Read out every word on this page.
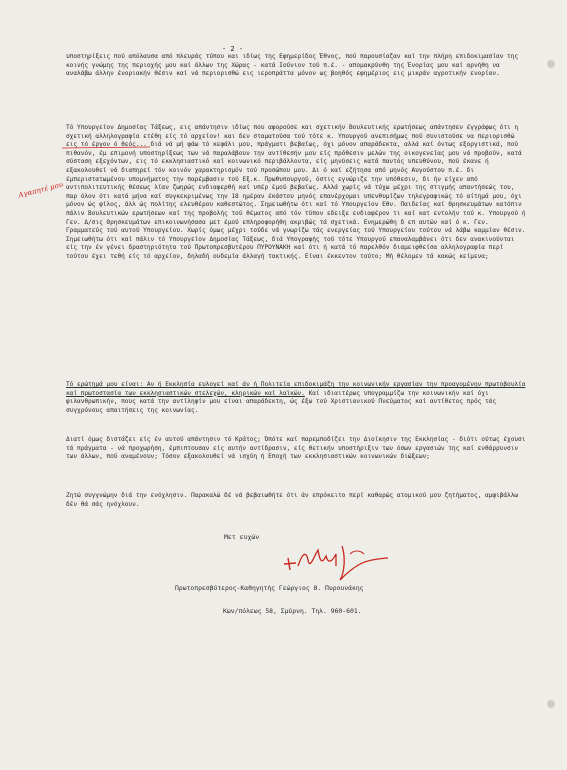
- 2 -
υποστηρίξεις πού απόλαυσα από πλευράς τύπου και ιδίως της Εφημερίδος Έθνος, πού παρουσίαζαν καί την πλήρη επιδοκιμασίαν της κοινής γνώμης της περιοχής μου καί άλλων της Χώρας - κατά Ιούνιον τού π.έ. - απομακρύνθη της Ένορίας μου καί αρνήθη να αναλάβω άλλην ένοριακήν θέσιν καί νά περιορισθώ εις ιεροπράττα μόνον ως βοηθός εφημέριος εις μικράν αγροτικήν ενορίαν.
Τό Υπουργείον Δημοσίας Τάξεως, εις απάντησιν ιδίως που αφορούσε και σχετικήν Βουλευτικής ερωτήσεως απάντησεν έγγράφως ότι η σχετική αλληλογραφία ετέθη είς τό αρχείον! και δεν σταματούσα τού τότε κ. Υπουργού ανεπισήμως πού συνιστούσε να περιορισθώ εις τό έργον ό θεός... διά νά μή φάω τό κεφάλι μου, πράγματι βεβαίως, όχι μόνον απαράδεκτα, αλλά καί όντως εξοργιστικά, πού πιθανόν, έμ επιμονή υποστηρίξεως των νά παραλάβουν την αντίθεσήν μου είς πρόθεσιν μελών της οικογενείας μου νά προβούν, κατά σύσταση εξεχόντων, εις τό εκκλησιαστικό καί κοινωνικό περιβάλλοντα, είς μηνύσεις κατά παντός υπευθύνου, πού έκανε ή εξακολουθεί νά διαπηρεί τόν κοινόν χαρακτηρισμόν τού προσώπου μου. Δι ό καί εζήτησα από μηνός Αυγούστου π.έ. δι έμπεριστατωμένου υπομνήματος την παρέμβασιν τού Εξ.κ. Πρωθυπουργού, όστις εγνώριζε την υπόθεσιν, δι ήν είχεν από αντιπολιτευτικής θέσεως λίαν ζωηρώς ενδιαφερθή καί υπέρ έμού βεβαίως. Αλλά χωρίς νά τύχω μέχρι της στιγμής απαντήσεώς του, παρ όλον ότι κατά μήνα καί συγκεκριμένως την 18 ημέραν έκάστου μηνός επανέρχομαι υπενθυμίζων τηλεγραφικώς τό αίτημά μου, όχι μόνον ώς φίλος, άλλ ώς πολίτης ελευθέρου καθεστώτος. Σημειωθήτω ότι καί τό Υπουργείον Εθν. Παιδείας καί Θρησκευμάτων κατόπιν πάλιν Βουλευτικών ερωτήσεων καί της προβολής τού θέματος από τόν τύπον εδειξε ενδιαφέρον τι καί κατ εντολήν τού κ. Υπουργού ή Γεν. Δ/σις Θρησκευμάτων επικοινωνήσασα μετ έμού επληροφορήθη ακριβώς τά σχετικά. Ενημερώθη δ επ αυτών καί ό κ. Γεν. Γραμματεύς τού αυτού Υπουργείου. Χωρίς όμως μέχρι τούδε νά γνωρίζω τάς ενεργείας τού Υπουργείου τούτου νά λάβω καμμίαν θέσιν.
Σημειωθήτω ότι καί πάλιν τό Υπουργείον Δημοσίας Τάξεως, διά Υπογραφής τού τότε Υπουργού επαναλαμβάνει ότι δεν ανακινούνται είς την έν γένει δραστηριότητα τού Πρωτοπρεσβυτέρου ΠΥΡΟΥΝΑΚΗ καί ότι ή κατά τό παρελθόν διαμειφθείσα αλληλογραφία περί τούτου έχει τεθή είς τό αρχείον, δηλαδή ουδεμία άλλαγή τακτικής. Είναι έκκεντον τούτο; Μή θέλομεν τά κακώς κείμενα;
Τό ερώτημά μου είναι: Αν ή Εκκλησία ευλογεί καί άν ή Πολιτεία επιδοκιμάζη την κοινωνικήν εργασίαν την προαγομένην πρωτοβουλία καί πρωτοστασία των εκκλησιαστικών στελεχών, κληρικών καί λαϊκών. Καί ιδιαιτέρως υπογραμμίζω την κοινωνικήν καί όχι φιλανθρωπικήν, πους κατά την αντίληψίν μου είναι απαράδεκτη, ώς έξω τού Χριστιανικού Πνεύματος καί αντίθετος πρός τάς συγχρόνους απαιτήσεις της κοινωνίας.
Διατί όμως διστάζει είς έν αυτού απάντησιν τό Κράτος; Όπότε καί παρεμποδίζει την Διοίκησιν της Εκκλησίας - διότι ούτως έχουσι τά πράγματα - νά προχωρήση, έμπιπτουσαν είς αυτήν αντίδρασιν, είς θετικήν υποστήριξιν των όσων εργασιών της καί ενθάρρυνσιν των άλλων, πού αναμένουν; Τόσον εξακολουθεί νά ισχύη ή Εποχή των εκκλησιαστικών κοινωνικών διώξεων;
Ζητώ συγγνώμην διά την ενόχλησιν. Παρακαλώ δέ νά βεβαιωθήτε ότι άν επρόκειτο περί καθαρώς ατομικού μου ζητήματος, αμφιβάλλω δέν θά σάς ηνόχλουν.
Μετ ευχών
Πρωτοπρεσβύτερος-Καθηγητής Γεώργιος Θ. Πυρουνάκης
Κων/πόλεως 58, Σμύρνη. Τηλ. 960-601.
Αγαπητέ μου
